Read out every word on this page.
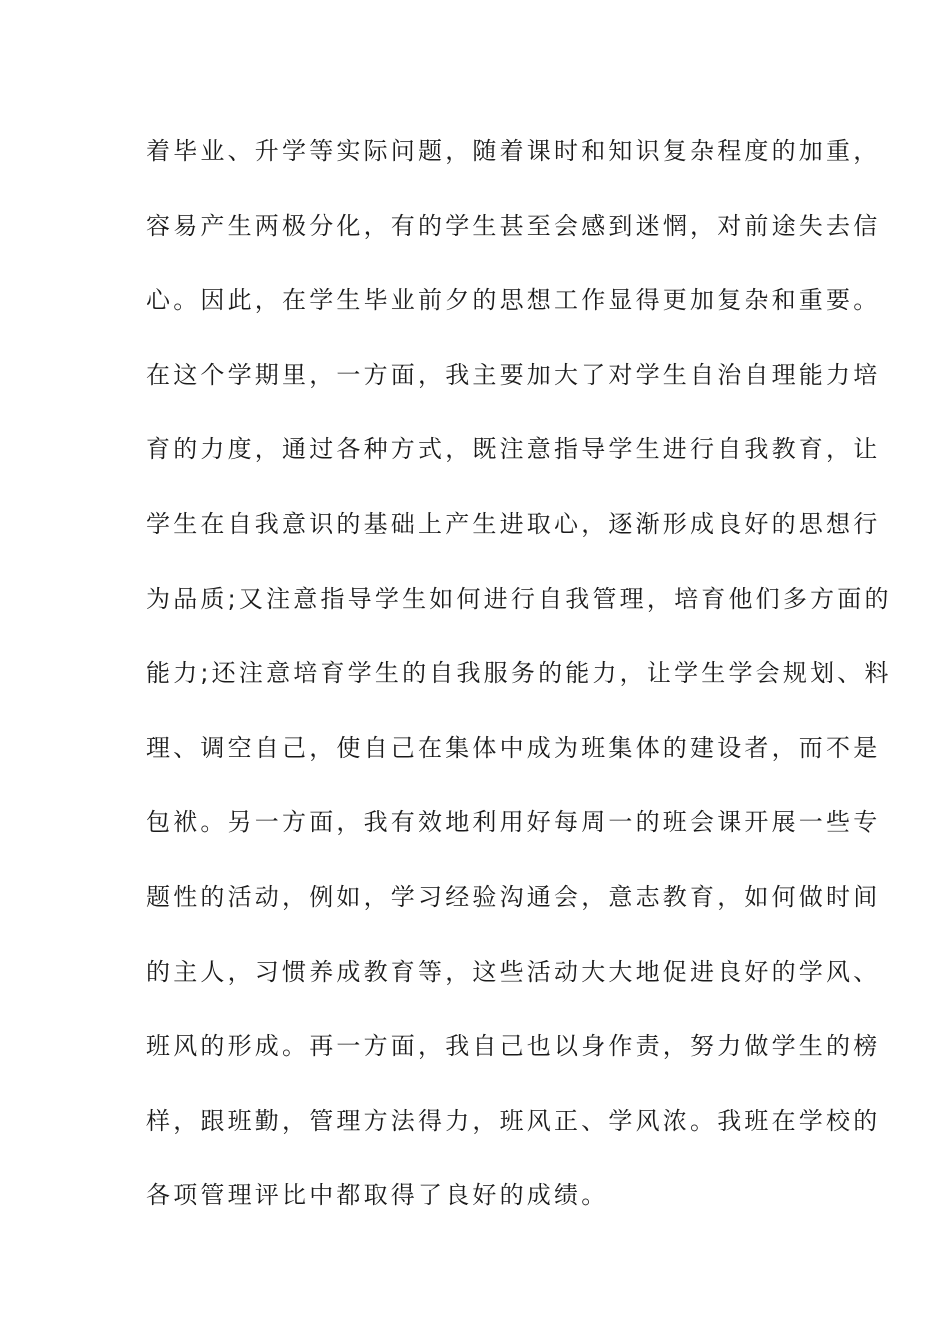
着毕业、升学等实际问题，随着课时和知识复杂程度的加重，
容易产生两极分化，有的学生甚至会感到迷惘，对前途失去信
心。因此，在学生毕业前夕的思想工作显得更加复杂和重要。
在这个学期里，一方面，我主要加大了对学生自治自理能力培
育的力度，通过各种方式，既注意指导学生进行自我教育，让
学生在自我意识的基础上产生进取心，逐渐形成良好的思想行
为品质;又注意指导学生如何进行自我管理，培育他们多方面的
能力;还注意培育学生的自我服务的能力，让学生学会规划、料
理、调空自己，使自己在集体中成为班集体的建设者，而不是
包袱。另一方面，我有效地利用好每周一的班会课开展一些专
题性的活动，例如，学习经验沟通会，意志教育，如何做时间
的主人，习惯养成教育等，这些活动大大地促进良好的学风、
班风的形成。再一方面，我自己也以身作责，努力做学生的榜
样，跟班勤，管理方法得力，班风正、学风浓。我班在学校的
各项管理评比中都取得了良好的成绩。
